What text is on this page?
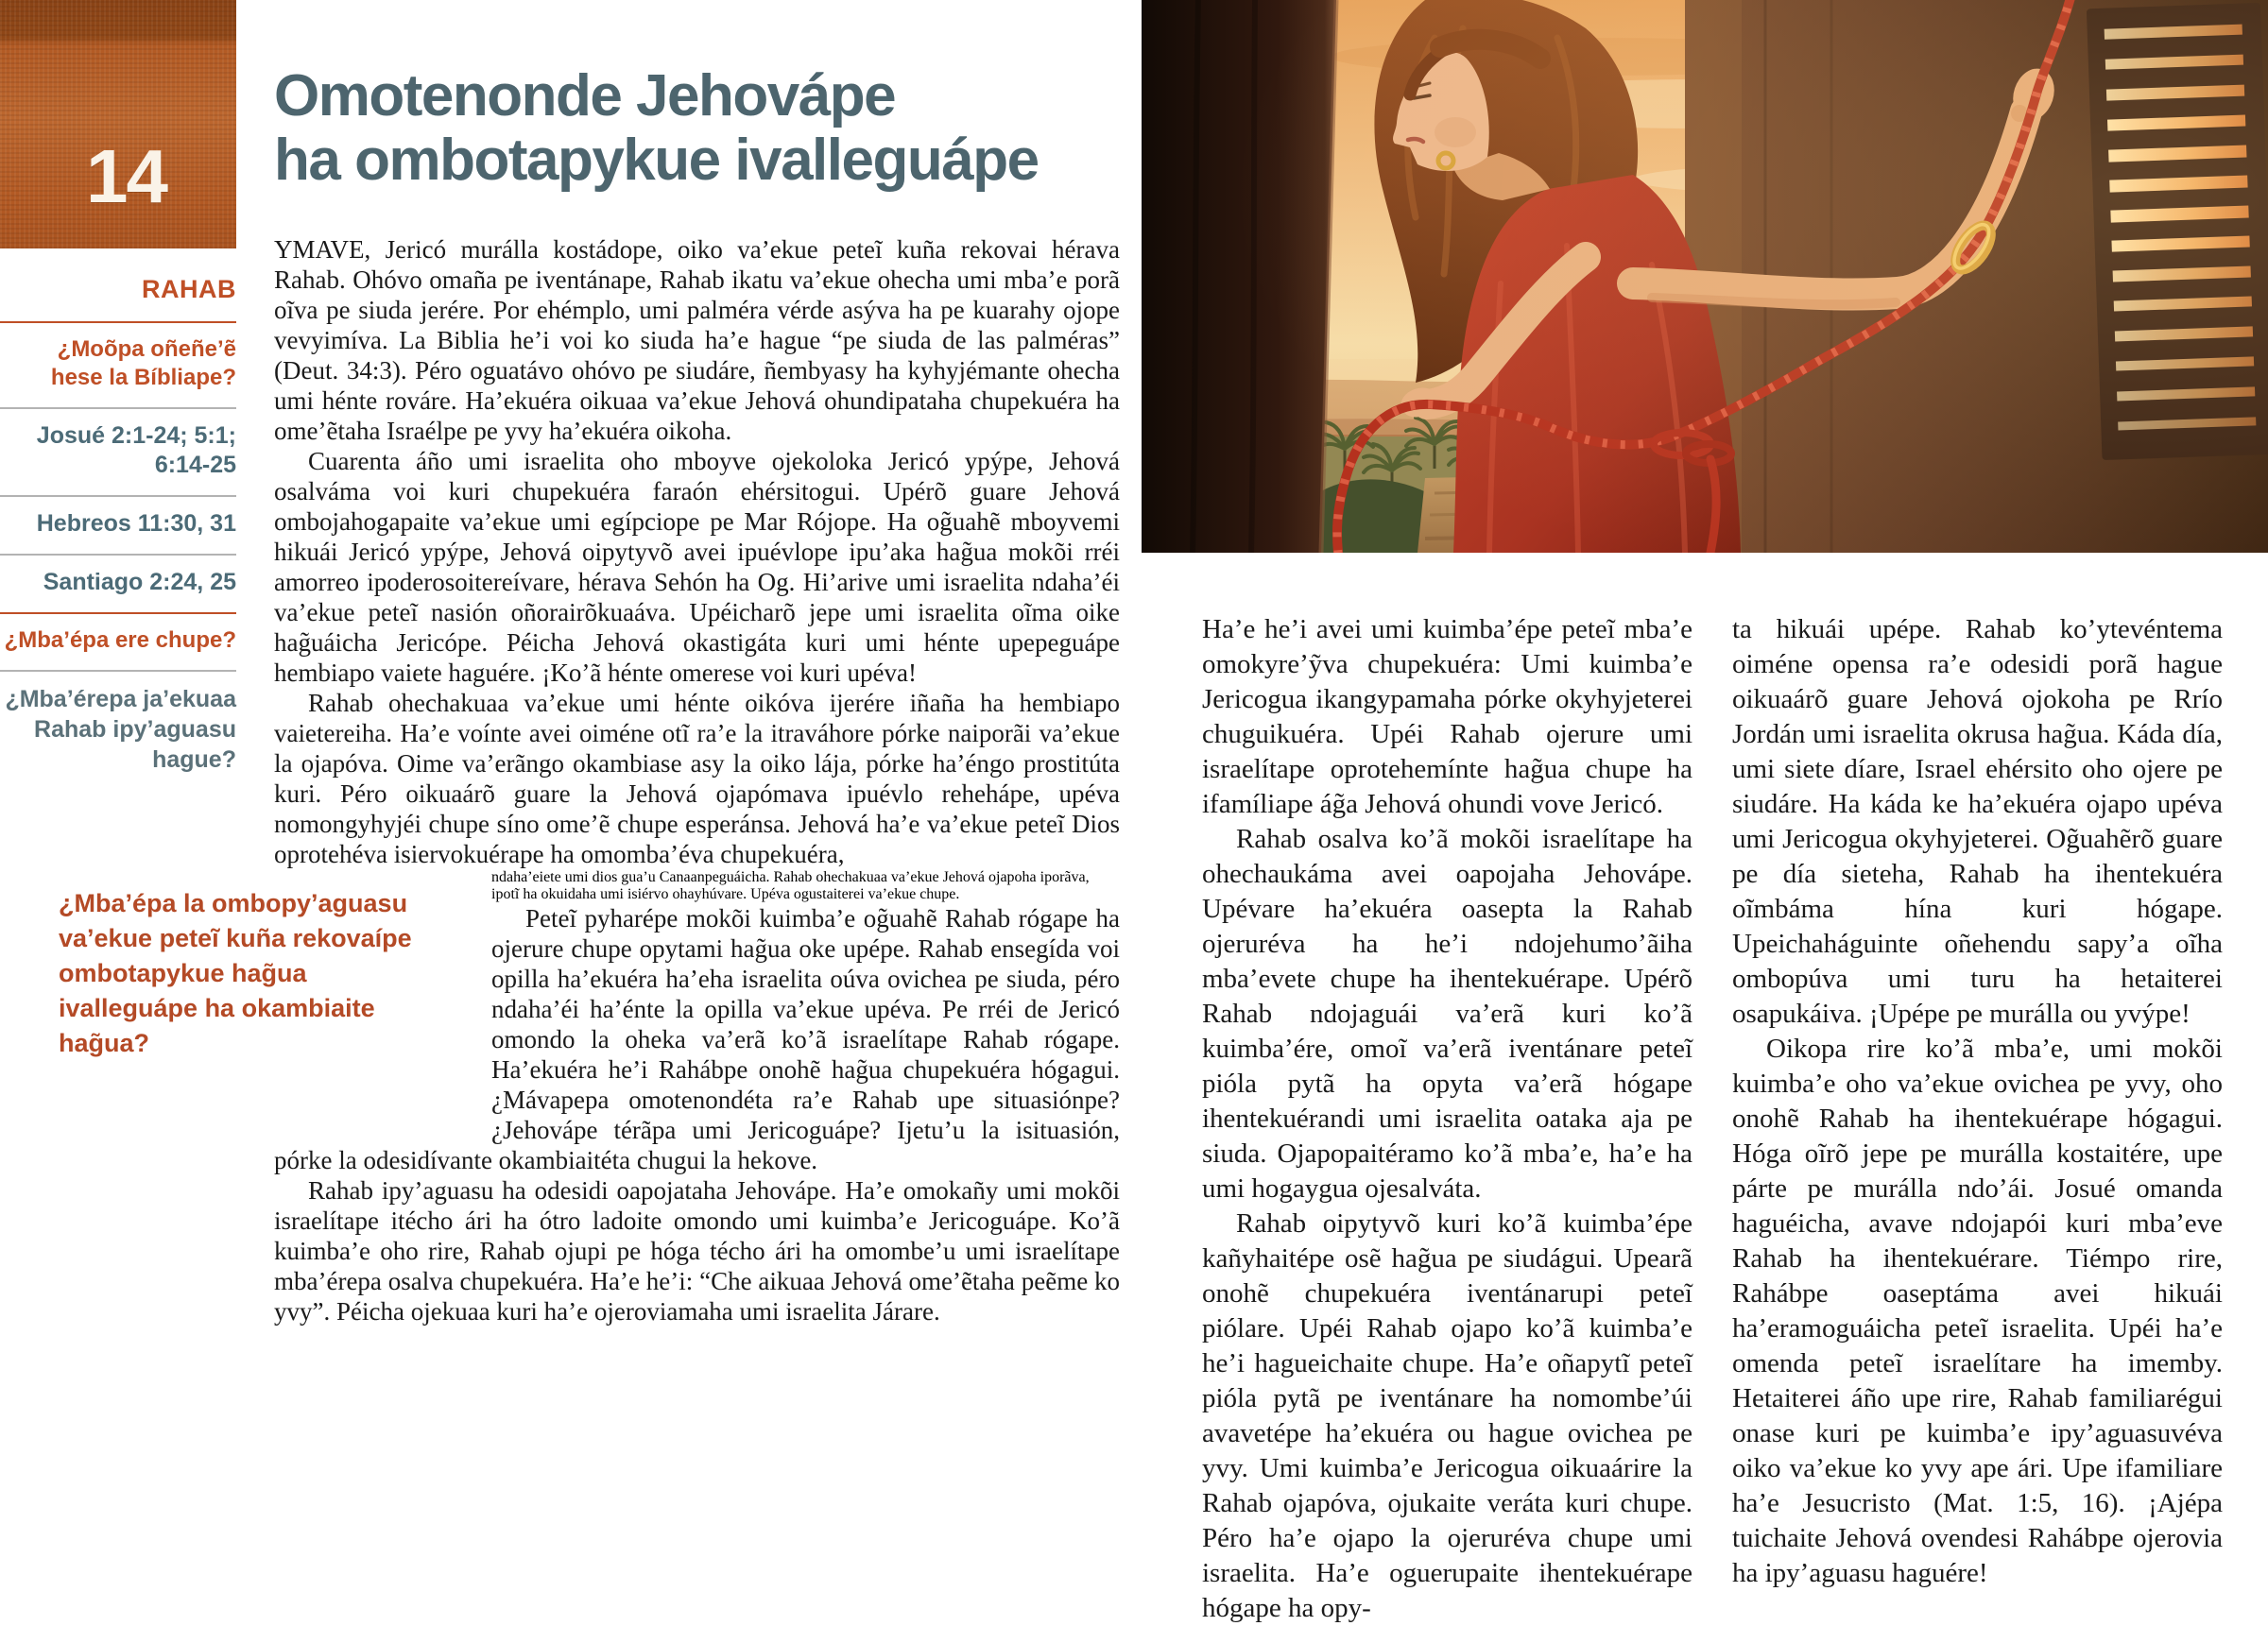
14
RAHAB
¿Moõpa oñeñe’ẽ hese la Bíbliape?
Josué 2:1-24; 5:1; 6:14-25
Hebreos 11:30, 31
Santiago 2:24, 25
¿Mba’épa ere chupe?
¿Mba’érepa ja’ekuaa Rahab ipy’aguasu hague?
Omotenonde Jehovápe
ha ombotapykue ivalleguápe

YMAVE, Jericó murálla kostádope, oiko va’ekue peteĩ kuña rekovai hérava Rahab. Ohóvo omaña pe iventánape, Rahab ikatu va’ekue ohecha umi mba’e porã oĩva pe siuda jerére. Por ehémplo, umi palméra vérde asýva ha pe kuarahy ojope vevyimíva. La Biblia he’i voi ko siuda ha’e hague “pe siuda de las palméras” (Deut. 34:3). Péro oguatávo ohóvo pe siudáre, ñembyasy ha kyhyjémante ohecha umi hénte rováre. Ha’ekuéra oikuaa va’ekue Jehová ohundipataha chupekuéra ha ome’ẽtaha Israélpe pe yvy ha’ekuéra oikoha.

Cuarenta áño umi israelita oho mboyve ojekoloka Jericó ypýpe, Jehová osalváma voi kuri chupekuéra faraón ehérsitogui. Upérõ guare Jehová ombojahogapaite va’ekue umi egípciope pe Mar Rójope. Ha og̃uahẽ mboyvemi hikuái Jericó ypýpe, Jehová oipytyvõ avei ipuévlope ipu’aka hag̃ua mokõi rréi amorreo ipoderosoitereívare, hérava Sehón ha Og. Hi’arive umi israelita ndaha’éi va’ekue peteĩ nasión oñorairõkuaáva. Upéicharõ jepe umi israelita oĩma oike hag̃uáicha Jericópe. Péicha Jehová okastigáta kuri umi hénte upepeguápe hembiapo vaiete haguére. ¡Ko’ã hénte omerese voi kuri upéva!

Rahab ohechakuaa va’ekue umi hénte oikóva ijerére iñaña ha hembiapo vaietereiha. Ha’e voínte avei oiméne otĩ ra’e la itraváhore pórke naiporãi va’ekue la ojapóva. Oime va’erãngo okambiase asy la oiko lája, pórke ha’éngo prostitúta kuri. Péro oikuaárõ guare la Jehová ojapómava ipuévlo rehehápe, upéva nomongyhyjéi chupe síno ome’ẽ chupe esperánsa. Jehová ha’e va’ekue peteĩ Dios oprotehéva isiervokuérape ha omomba’éva chupekuéra,

¿Mba’épa la ombopy’aguasu va’ekue peteĩ kuña rekovaípe ombotapykue hag̃ua ivalleguápe ha okambiaite hag̃ua?
ndaha’eiete umi dios gua’u Canaanpeguáicha. Rahab ohechakuaa va’ekue Jehová ojapoha iporãva, ipotĩ ha okuidaha umi isiérvo ohayhúvare. Upéva ogustaiterei va’ekue chupe.

Peteĩ pyharépe mokõi kuimba’e og̃uahẽ Rahab rógape ha ojerure chupe opytami hag̃ua oke upépe. Rahab ensegída voi opilla ha’ekuéra ha’eha israelita oúva ovichea pe siuda, péro ndaha’éi ha’énte la opilla va’ekue upéva. Pe rréi de Jericó omondo la oheka va’erã ko’ã israelítape Rahab rógape. Ha’ekuéra he’i Rahábpe onohẽ hag̃ua chupekuéra hógagui. ¿Mávapepa omotenondéta ra’e Rahab upe situasiónpe? ¿Jehovápe térãpa umi Jericoguápe? Ijetu’u la isituasión, pórke la odesidívante okambiaitéta chugui la hekove.

Rahab ipy’aguasu ha odesidi oapojataha Jehovápe. Ha’e omokañy umi mokõi israelítape itécho ári ha ótro ladoite omondo umi kuimba’e Jericoguápe. Ko’ã kuimba’e oho rire, Rahab ojupi pe hóga técho ári ha omombe’u umi israelítape mba’érepa osalva chupekuéra. Ha’e he’i: “Che aikuaa Jehová ome’ẽtaha peẽme ko yvy”. Péicha ojekuaa kuri ha’e ojeroviamaha umi israelita Járare.

Ha’e he’i avei umi kuimba’épe peteĩ mba’e omokyre’ỹva chupekuéra: Umi kuimba’e Jericogua ikangypamaha pórke okyhyjeterei chuguikuéra. Upéi Rahab ojerure umi israelítape oprotehemínte hag̃ua chupe ha ifamíliape ág̃a Jehová ohundi vove Jericó.

Rahab osalva ko’ã mokõi israelítape ha ohechaukáma avei oapojaha Jehovápe. Upévare ha’ekuéra oasepta la Rahab ojeruréva ha he’i ndojehumo’ãiha mba’evete chupe ha ihentekuérape. Upérõ Rahab ndojaguái va’erã kuri ko’ã kuimba’ére, omoĩ va’erã iventánare peteĩ pióla pytã ha opyta va’erã hógape ihentekuérandi umi israelita oataka aja pe siuda. Ojapopaitéramo ko’ã mba’e, ha’e ha umi hogaygua ojesalváta.

Rahab oipytyvõ kuri ko’ã kuimba’épe kañyhaitépe osẽ hag̃ua pe siudágui. Upearã onohẽ chupekuéra iventánarupi peteĩ piólare. Upéi Rahab ojapo ko’ã kuimba’e he’i hagueichaite chupe. Ha’e oñapytĩ peteĩ pióla pytã pe iventánare ha nomombe’úi avavetépe ha’ekuéra ou hague ovichea pe yvy. Umi kuimba’e Jericogua oikuaárire la Rahab ojapóva, ojukaite veráta kuri chupe. Péro ha’e ojapo la ojeruréva chupe umi israelita. Ha’e oguerupaite ihentekuérape hógape ha opy-

ta hikuái upépe. Rahab ko’ytevéntema oiméne opensa ra’e odesidi porã hague oikuaárõ guare Jehová ojokoha pe Rrío Jordán umi israelita okrusa hag̃ua. Káda día, umi siete díare, Israel ehérsito oho ojere pe siudáre. Ha káda ke ha’ekuéra ojapo upéva umi Jericogua okyhyjeterei. Og̃uahẽrõ guare pe día sieteha, Rahab ha ihentekuéra oĩmbáma hína kuri hógape. Upeichaháguinte oñehendu sapy’a oĩha ombopúva umi turu ha hetaiterei osapukáiva. ¡Upépe pe murálla ou yvýpe!

Oikopa rire ko’ã mba’e, umi mokõi kuimba’e oho va’ekue ovichea pe yvy, oho onohẽ Rahab ha ihentekuérape hógagui. Hóga oĩrõ jepe pe murálla kostaitére, upe párte pe murálla ndo’ái. Josué omanda haguéicha, avave ndojapói kuri mba’eve Rahab ha ihentekuérare. Tiémpo rire, Rahábpe oaseptáma avei hikuái ha’eramoguáicha peteĩ israelita. Upéi ha’e omenda peteĩ israelítare ha imemby. Hetaiterei áño upe rire, Rahab familiarégui onase kuri pe kuimba’e ipy’aguasuvéva oiko va’ekue ko yvy ape ári. Upe ifamiliare ha’e Jesucristo (Mat. 1:5, 16). ¡Ajépa tuichaite Jehová ovendesi Rahábpe ojerovia ha ipy’aguasu haguére!
